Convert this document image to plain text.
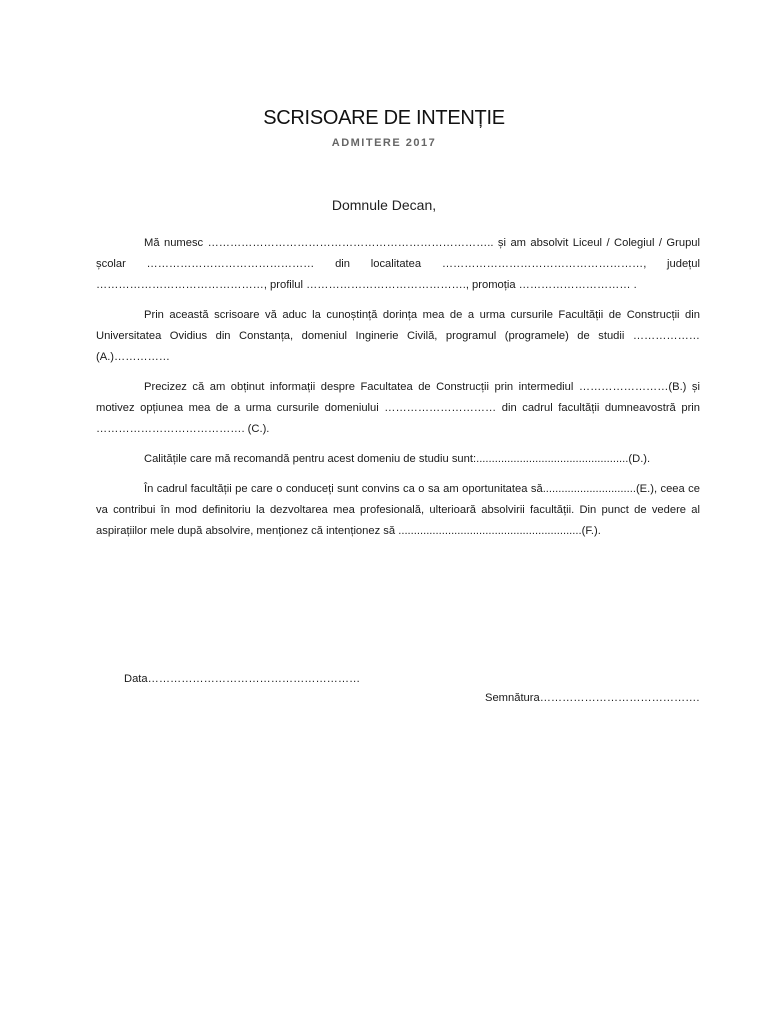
SCRISOARE DE INTENȚIE
ADMITERE 2017
Domnule Decan,

Mă numesc ………………………………………………………………….. și am absolvit Liceul / Colegiul / Grupul școlar ……………………………………… din localitatea ………………………………………………, județul ………………………………………, profilul ……………………………………., promoția ………………………… .

Prin această scrisoare vă aduc la cunoștință dorința mea de a urma cursurile Facultății de Construcții din Universitatea Ovidius din Constanța, domeniul Inginerie Civilă, programul (programele) de studii ………………(A.)……………

Precizez că am obținut informații despre Facultatea de Construcții prin intermediul ……………………(B.) și motivez opțiunea mea de a urma cursurile domeniului ………………………… din cadrul facultății dumneavostră prin …………………………………. (C.).

Calitățile care mă recomandă pentru acest domeniu de studiu sunt:.................................................(D.).

În cadrul facultății pe care o conduceți sunt convins ca o sa am oportunitatea să..............................(E.), ceea ce va contribui în mod definitoriu la dezvoltarea mea profesională, ulterioară absolvirii facultății. Din punct de vedere al aspirațiilor mele după absolvire, menționez că intenționez să ...........................................................(F.).

Data…………………………………………………
Semnătura…………………………………….
